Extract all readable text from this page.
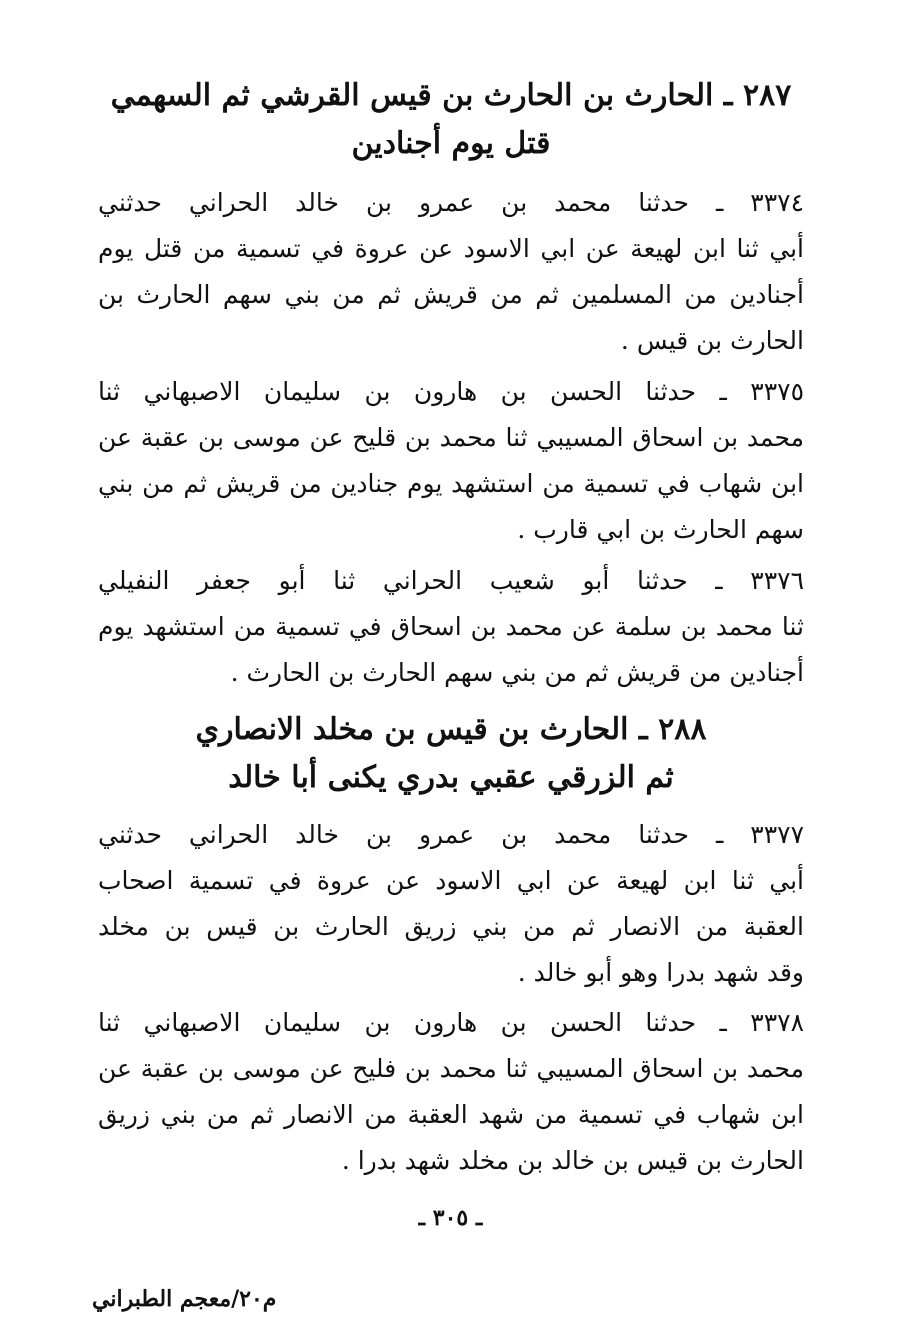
٢٨٧ ـ الحارث بن الحارث بن قيس القرشي ثم السهمي
قتل يوم أجنادين
٣٣٧٤ ـ حدثنا محمد بن عمرو بن خالد الحراني حدثني
أبي ثنا ابن لهيعة عن ابي الاسود عن عروة في تسمية من قتل يوم
أجنادين من المسلمين ثم من قريش ثم من بني سهم الحارث بن
الحارث بن قيس .
٣٣٧٥ ـ حدثنا الحسن بن هارون بن سليمان الاصبهاني ثنا
محمد بن اسحاق المسيبي ثنا محمد بن قليح عن موسى بن عقبة عن
ابن شهاب في تسمية من استشهد يوم جنادين من قريش ثم من بني
سهم الحارث بن ابي قارب .
٣٣٧٦ ـ حدثنا أبو شعيب الحراني ثنا أبو جعفر النفيلي
ثنا محمد بن سلمة عن محمد بن اسحاق في تسمية من استشهد يوم
أجنادين من قريش ثم من بني سهم الحارث بن الحارث .
٢٨٨ ـ الحارث بن قيس بن مخلد الانصاري
ثم الزرقي عقبي بدري يكنى أبا خالد
٣٣٧٧ ـ حدثنا محمد بن عمرو بن خالد الحراني حدثني
أبي ثنا ابن لهيعة عن ابي الاسود عن عروة في تسمية اصحاب
العقبة من الانصار ثم من بني زريق الحارث بن قيس بن مخلد
وقد شهد بدرا وهو أبو خالد .
٣٣٧٨ ـ حدثنا الحسن بن هارون بن سليمان الاصبهاني ثنا
محمد بن اسحاق المسيبي ثنا محمد بن فليح عن موسى بن عقبة عن
ابن شهاب في تسمية من شهد العقبة من الانصار ثم من بني زريق
الحارث بن قيس بن خالد بن مخلد شهد بدرا .
ـ ٣٠٥ ـ
م٢٠/معجم الطبراني
